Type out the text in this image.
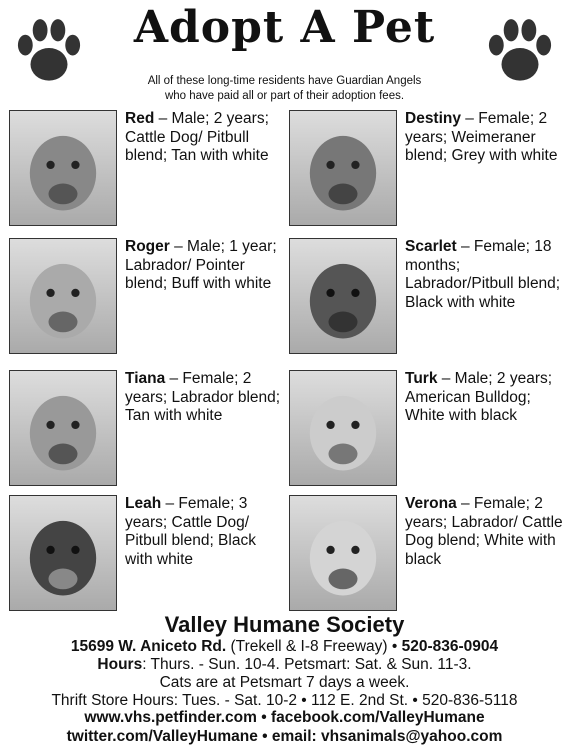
Adopt A Pet
All of these long-time residents have Guardian Angels
who have paid all or part of their adoption fees.
Red – Male; 2 years; Cattle Dog/ Pitbull blend; Tan with white
Destiny – Female; 2 years; Weimeraner blend; Grey with white
Roger – Male; 1 year; Labrador/ Pointer blend; Buff with white
Scarlet – Female; 18 months; Labrador/Pitbull blend; Black with white
Tiana – Female; 2 years; Labrador blend; Tan with white
Turk – Male; 2 years; American Bulldog; White with black
Leah – Female; 3 years; Cattle Dog/ Pitbull blend; Black with white
Verona – Female; 2 years; Labrador/ Cattle Dog blend; White with black
Valley Humane Society
15699 W. Aniceto Rd. (Trekell & I-8 Freeway) • 520-836-0904
Hours: Thurs. - Sun. 10-4. Petsmart: Sat. & Sun. 11-3.
Cats are at Petsmart 7 days a week.
Thrift Store Hours: Tues. - Sat. 10-2 • 112 E. 2nd St. • 520-836-5118
www.vhs.petfinder.com • facebook.com/ValleyHumane
twitter.com/ValleyHumane • email: vhsanimals@yahoo.com
